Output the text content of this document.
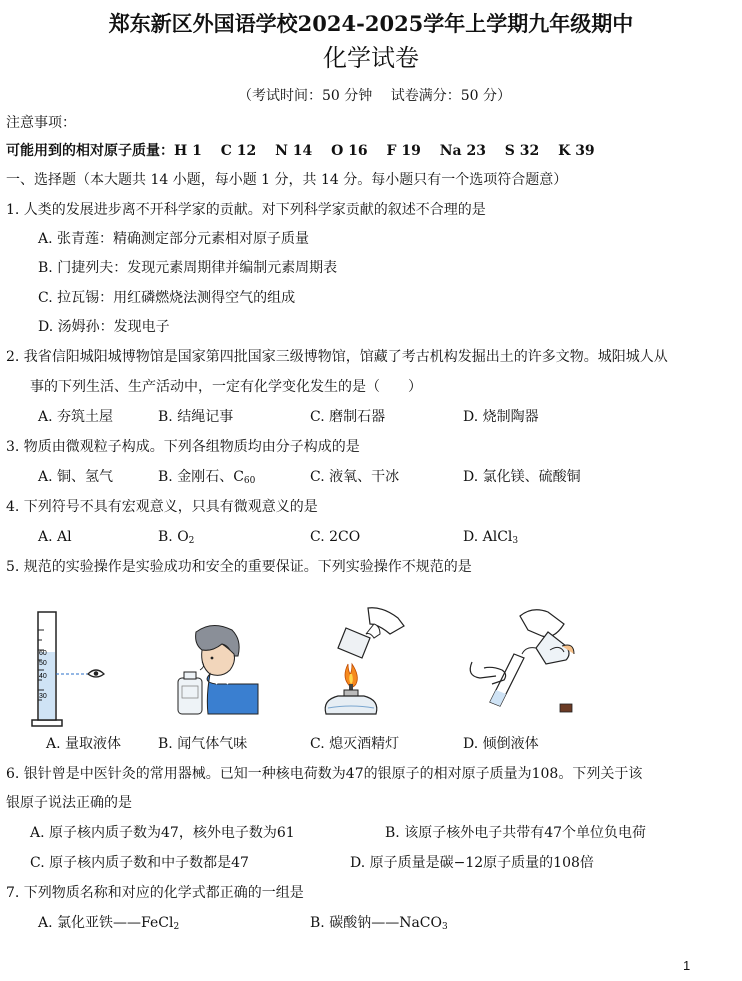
郑东新区外国语学校2024-2025学年上学期九年级期中
化学试卷
（考试时间：50 分钟　 试卷满分：50 分）
注意事项：
可能用到的相对原子质量：H 1　 C 12　 N 14　 O 16　 F 19　 Na 23　 S 32　 K 39
一、选择题（本大题共 14 小题，每小题 1 分，共 14 分。每小题只有一个选项符合题意）
1. 人类的发展进步离不开科学家的贡献。对下列科学家贡献的叙述不合理的是
A. 张青莲：精确测定部分元素相对原子质量
B. 门捷列夫：发现元素周期律并编制元素周期表
C. 拉瓦锡：用红磷燃烧法测得空气的组成
D. 汤姆孙：发现电子
2. 我省信阳城阳城博物馆是国家第四批国家三级博物馆，馆藏了考古机构发掘出土的许多文物。城阳城人从
事的下列生活、生产活动中，一定有化学变化发生的是（　　）
A. 夯筑土屋	B. 结绳记事	C. 磨制石器	D. 烧制陶器
3. 物质由微观粒子构成。下列各组物质均由分子构成的是
A. 铜、氢气	B. 金刚石、$C_{60}$	C. 液氧、干冰	D. 氯化镁、硫酸铜
4. 下列符号不具有宏观意义，只具有微观意义的是
A. Al	B. $O_2$	C. 2CO	D. AlCl$_3$
5. 规范的实验操作是实验成功和安全的重要保证。下列实验操作不规范的是
60
50
40
30
A. 量取液体	B. 闻气体气味	C. 熄灭酒精灯	D. 倾倒液体
6. 银针曾是中医针灸的常用器械。已知一种核电荷数为47的银原子的相对原子质量为108。下列关于该
银原子说法正确的是
A. 原子核内质子数为47，核外电子数为61	B. 该原子核外电子共带有47个单位负电荷
C. 原子核内质子数和中子数都是47	D. 原子质量是碳−12原子质量的108倍
7. 下列物质名称和对应的化学式都正确的一组是
A. 氯化亚铁——FeCl$_2$	B. 碳酸钠——NaCO$_3$
1
